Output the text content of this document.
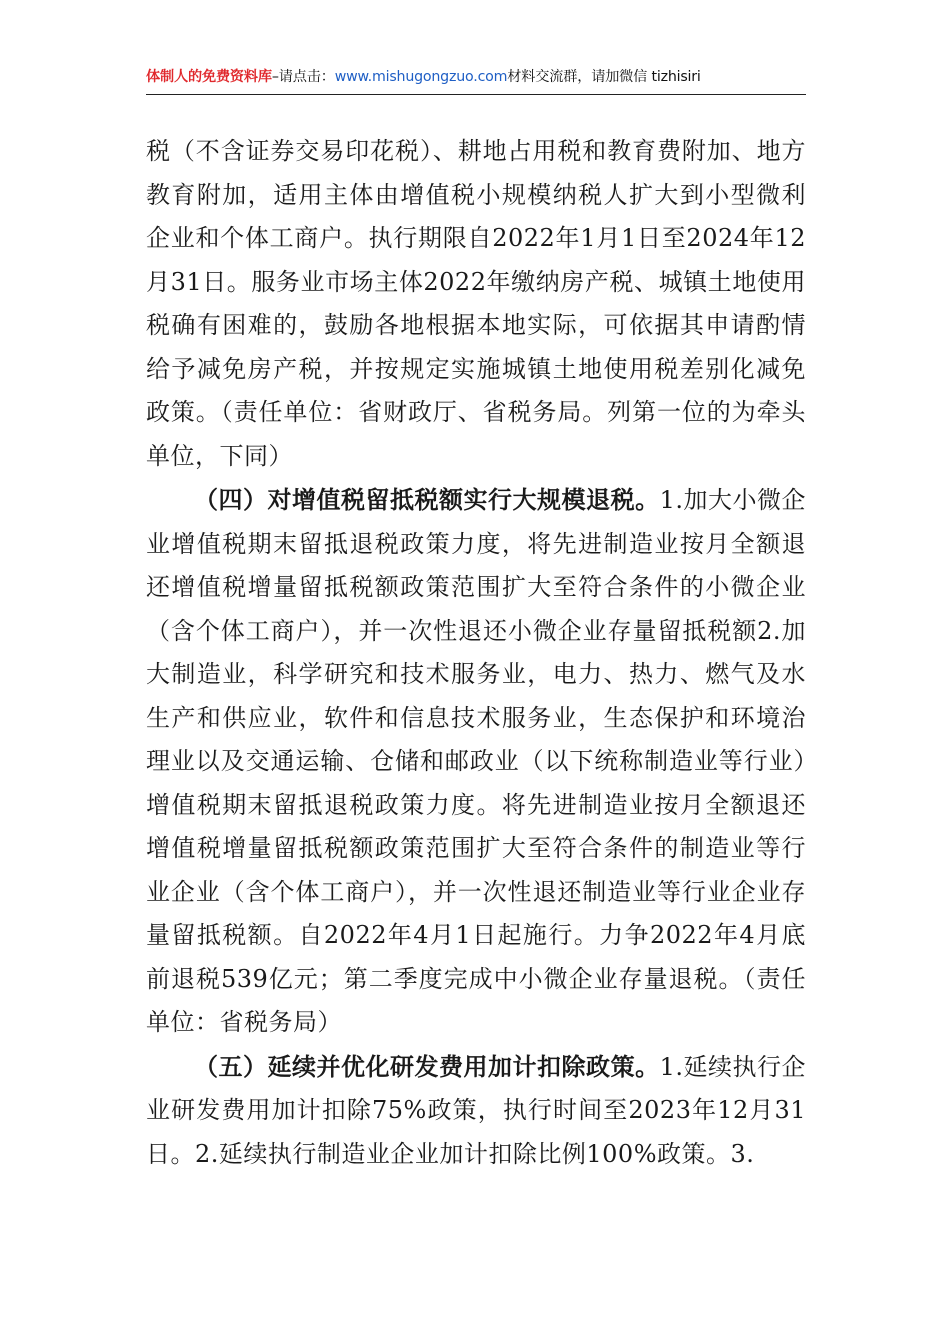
体制人的免费资料库–请点击：www.mishugongzuo.com材料交流群，请加微信 tizhisiri

税（不含证券交易印花税）、耕地占用税和教育费附加、地方教育附加，适用主体由增值税小规模纳税人扩大到小型微利企业和个体工商户。执行期限自2022年1月1日至2024年12月31日。服务业市场主体2022年缴纳房产税、城镇土地使用税确有困难的，鼓励各地根据本地实际，可依据其申请酌情给予减免房产税，并按规定实施城镇土地使用税差别化减免政策。（责任单位：省财政厅、省税务局。列第一位的为牵头单位，下同）

（四）对增值税留抵税额实行大规模退税。1.加大小微企业增值税期末留抵退税政策力度，将先进制造业按月全额退还增值税增量留抵税额政策范围扩大至符合条件的小微企业（含个体工商户），并一次性退还小微企业存量留抵税额2.加大制造业，科学研究和技术服务业，电力、热力、燃气及水生产和供应业，软件和信息技术服务业，生态保护和环境治理业以及交通运输、仓储和邮政业（以下统称制造业等行业）增值税期末留抵退税政策力度。将先进制造业按月全额退还增值税增量留抵税额政策范围扩大至符合条件的制造业等行业企业（含个体工商户），并一次性退还制造业等行业企业存量留抵税额。自2022年4月1日起施行。力争2022年4月底前退税539亿元；第二季度完成中小微企业存量退税。（责任单位：省税务局）

（五）延续并优化研发费用加计扣除政策。1.延续执行企业研发费用加计扣除75%政策，执行时间至2023年12月31日。2.延续执行制造业企业加计扣除比例100%政策。3.
